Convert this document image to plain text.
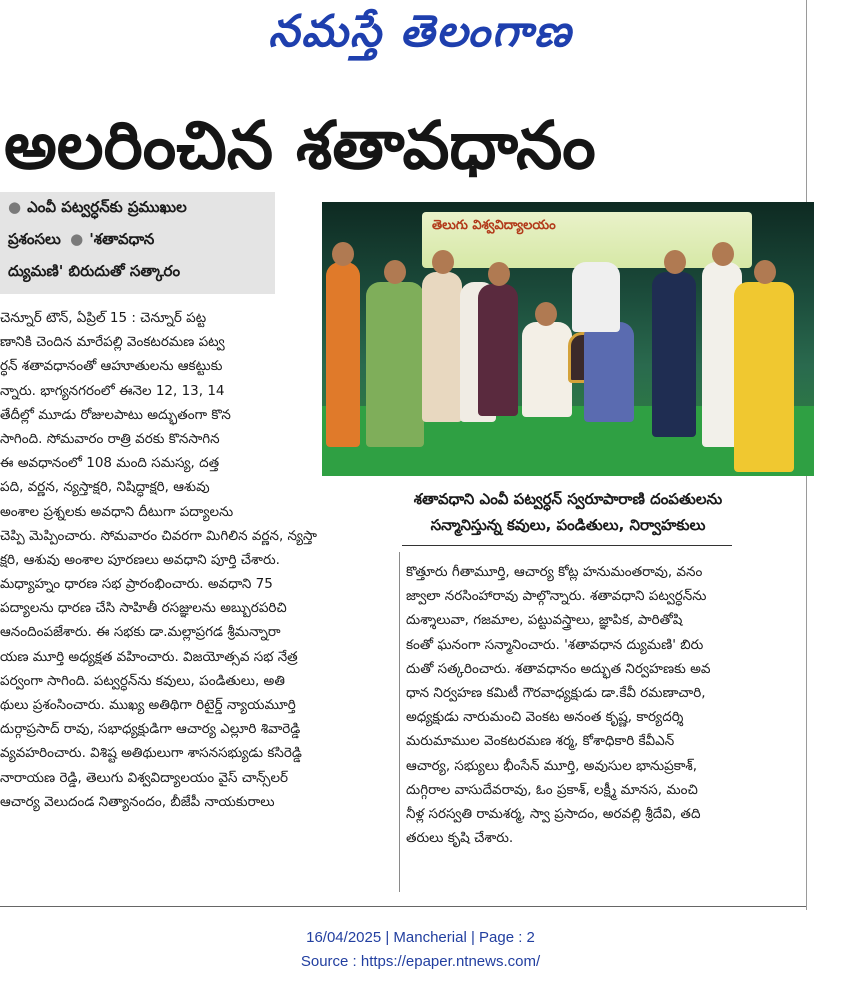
నమస్తే తెలంగాణ
అలరించిన శతావధానం
● ఎంవీ పట్వర్ధన్‌కు ప్రముఖుల
ప్రశంసలు ● 'శతావధాన
ద్యుమణి' బిరుదుతో సత్కారం
తెలుగు విశ్వవిద్యాలయం
శతావధాని ఎంవీ పట్వర్ధన్ స్వరూపారాణి దంపతులను
సన్మానిస్తున్న కవులు, పండితులు, నిర్వాహకులు
చెన్నూర్ టౌన్, ఏప్రిల్ 15 : చెన్నూర్ పట్ట
ణానికి చెందిన మారేపల్లి వెంకటరమణ పట్వ
ర్ధన్ శతావధానంతో ఆహూతులను ఆకట్టుకు
న్నారు. భాగ్యనగరంలో ఈనెల 12, 13, 14
తేదీల్లో మూడు రోజులపాటు అద్భుతంగా కొన
సాగింది. సోమవారం రాత్రి వరకు కొనసాగిన
ఈ అవధానంలో 108 మంది సమస్య, దత్త
పది, వర్ణన, న్యస్తాక్షరి, నిషిద్ధాక్షరి, ఆశువు
అంశాల ప్రశ్నలకు అవధాని దీటుగా పద్యాలను
చెప్పి మెప్పించారు. సోమవారం చివరగా మిగిలిన వర్ణన, న్యస్తా
క్షరి, ఆశువు అంశాల పూరణలు అవధాని పూర్తి చేశారు.
మధ్యాహ్నం ధారణ సభ ప్రారంభించారు. అవధాని 75
పద్యాలను ధారణ చేసి సాహితీ రసజ్ఞులను అబ్బురపరిచి
ఆనందింపజేశారు. ఈ సభకు డా.మల్లాప్రగడ శ్రీమన్నారా
యణ మూర్తి అధ్యక్షత వహించారు. విజయోత్సవ సభ నేత్ర
పర్వంగా సాగింది. పట్వర్ధన్‌ను కవులు, పండితులు, అతి
థులు ప్రశంసించారు. ముఖ్య అతిథిగా రిటైర్డ్ న్యాయమూర్తి
దుర్గాప్రసాద్ రావు, సభాధ్యక్షుడిగా ఆచార్య ఎల్లూరి శివారెడ్డి
వ్యవహరించారు. విశిష్ట అతిథులుగా శాసనసభ్యుడు కసిరెడ్డి
నారాయణ రెడ్డి, తెలుగు విశ్వవిద్యాలయం వైస్ చాన్స్‌లర్
ఆచార్య వెలుదండ నిత్యానందం, బీజేపీ నాయకురాలు
కొత్తూరు గీతామూర్తి, ఆచార్య కోట్ల హనుమంతరావు, వనం
జ్వాలా నరసింహారావు పాల్గొన్నారు. శతావధాని పట్వర్ధన్‌ను
దుశ్శాలువా, గజమాల, పట్టువస్త్రాలు, జ్ఞాపిక, పారితోషి
కంతో ఘనంగా సన్మానించారు. 'శతావధాన ద్యుమణి' బిరు
దుతో సత్కరించారు. శతావధానం అద్భుత నిర్వహణకు అవ
ధాన నిర్వహణ కమిటీ గౌరవాధ్యక్షుడు డా.కేవీ రమణాచారి,
అధ్యక్షుడు నారుమంచి వెంకట అనంత కృష్ణ, కార్యదర్శి
మరుమాముల వెంకటరమణ శర్మ, కోశాధికారి కేవీఎన్
ఆచార్య, సభ్యులు భీంసేన్ మూర్తి, అవుసుల భానుప్రకాశ్,
దుగ్గిరాల వాసుదేవరావు, ఓం ప్రకాశ్, లక్ష్మీ మానస, మంచి
నీళ్ల సరస్వతి రామశర్మ, స్వా ప్రసాదం, అరవల్లి శ్రీదేవి, తది
తరులు కృషి చేశారు.
16/04/2025 | Mancherial | Page : 2
Source : https://epaper.ntnews.com/
